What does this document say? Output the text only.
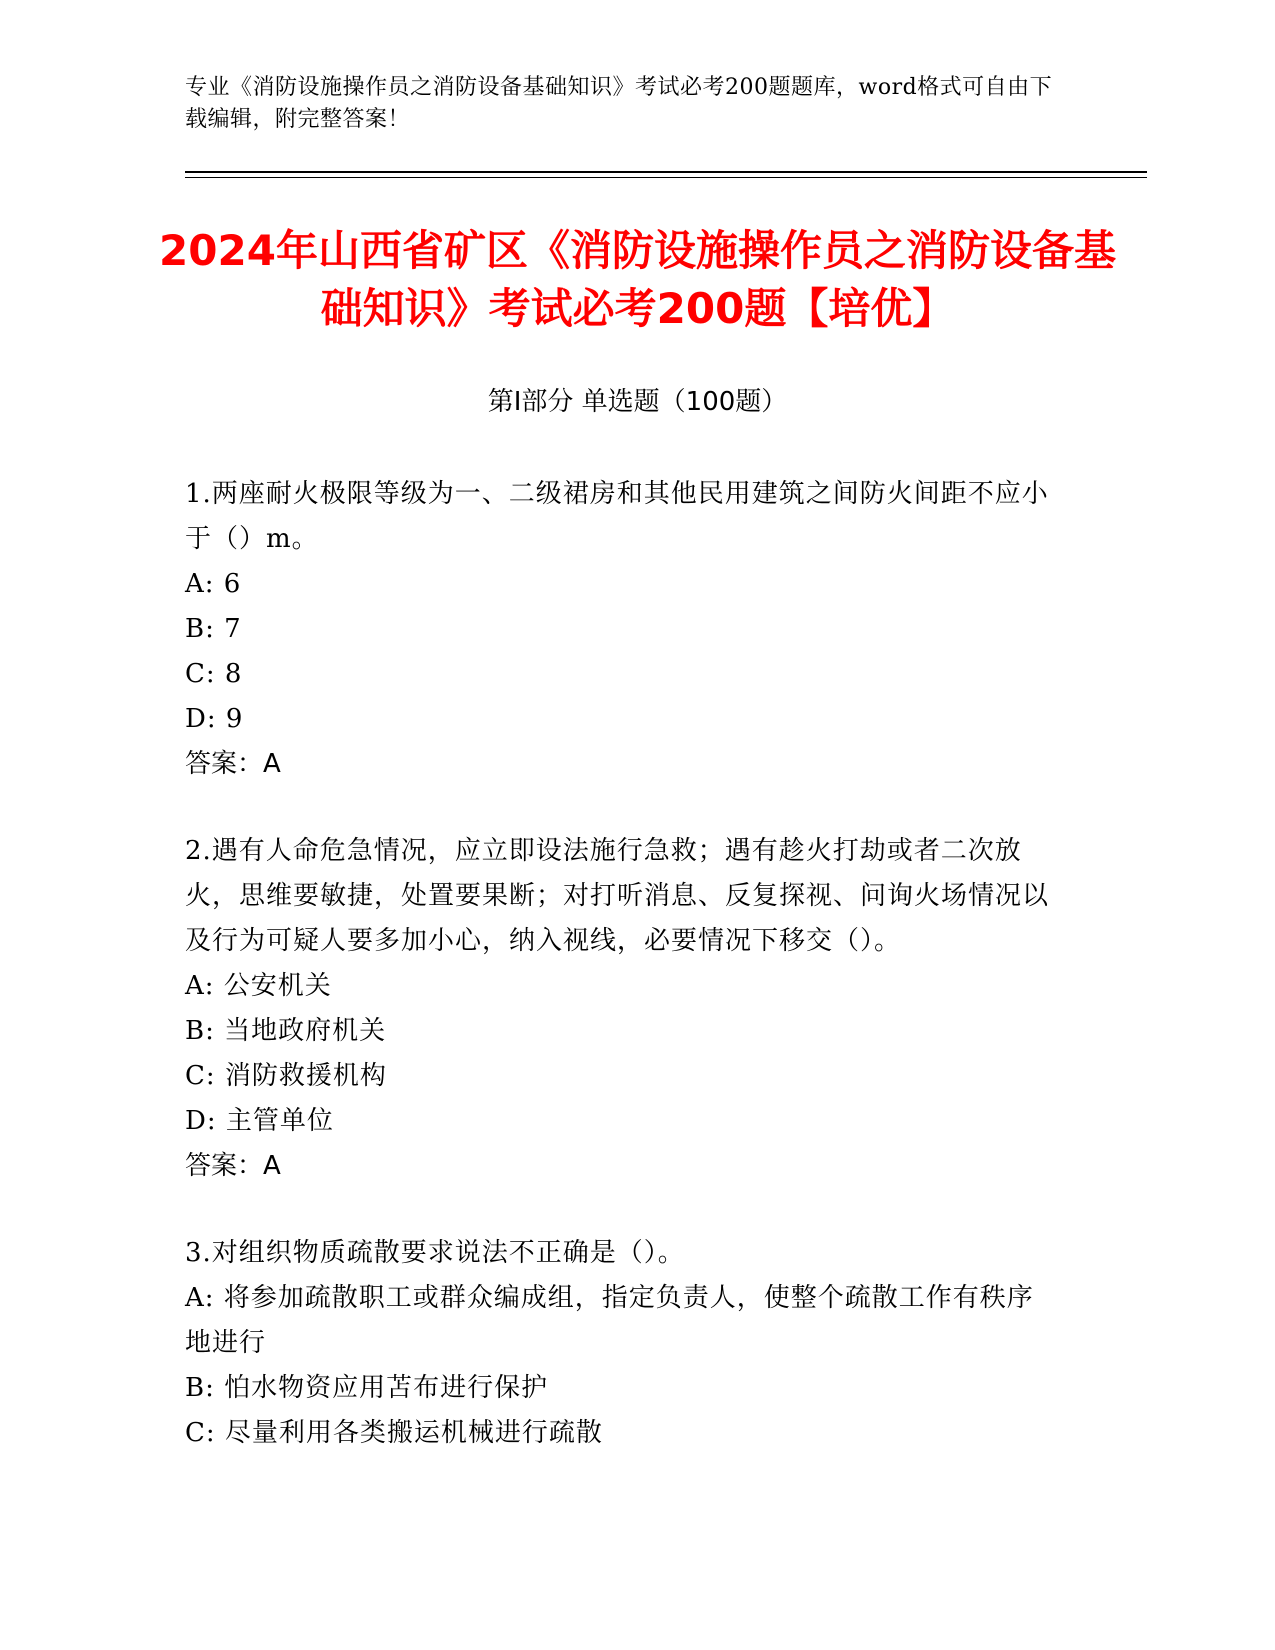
专业《消防设施操作员之消防设备基础知识》考试必考200题题库，word格式可自由下载编辑，附完整答案！
2024年山西省矿区《消防设施操作员之消防设备基础知识》考试必考200题【培优】
第Ⅰ部分 单选题（100题）
1.两座耐火极限等级为一、二级裙房和其他民用建筑之间防火间距不应小于（）m。
A: 6
B: 7
C: 8
D: 9
答案：A
2.遇有人命危急情况，应立即设法施行急救；遇有趁火打劫或者二次放火，思维要敏捷，处置要果断；对打听消息、反复探视、问询火场情况以及行为可疑人要多加小心，纳入视线，必要情况下移交（）。
A: 公安机关
B: 当地政府机关
C: 消防救援机构
D: 主管单位
答案：A
3.对组织物质疏散要求说法不正确是（）。
A: 将参加疏散职工或群众编成组，指定负责人，使整个疏散工作有秩序地进行
B: 怕水物资应用苫布进行保护
C: 尽量利用各类搬运机械进行疏散
